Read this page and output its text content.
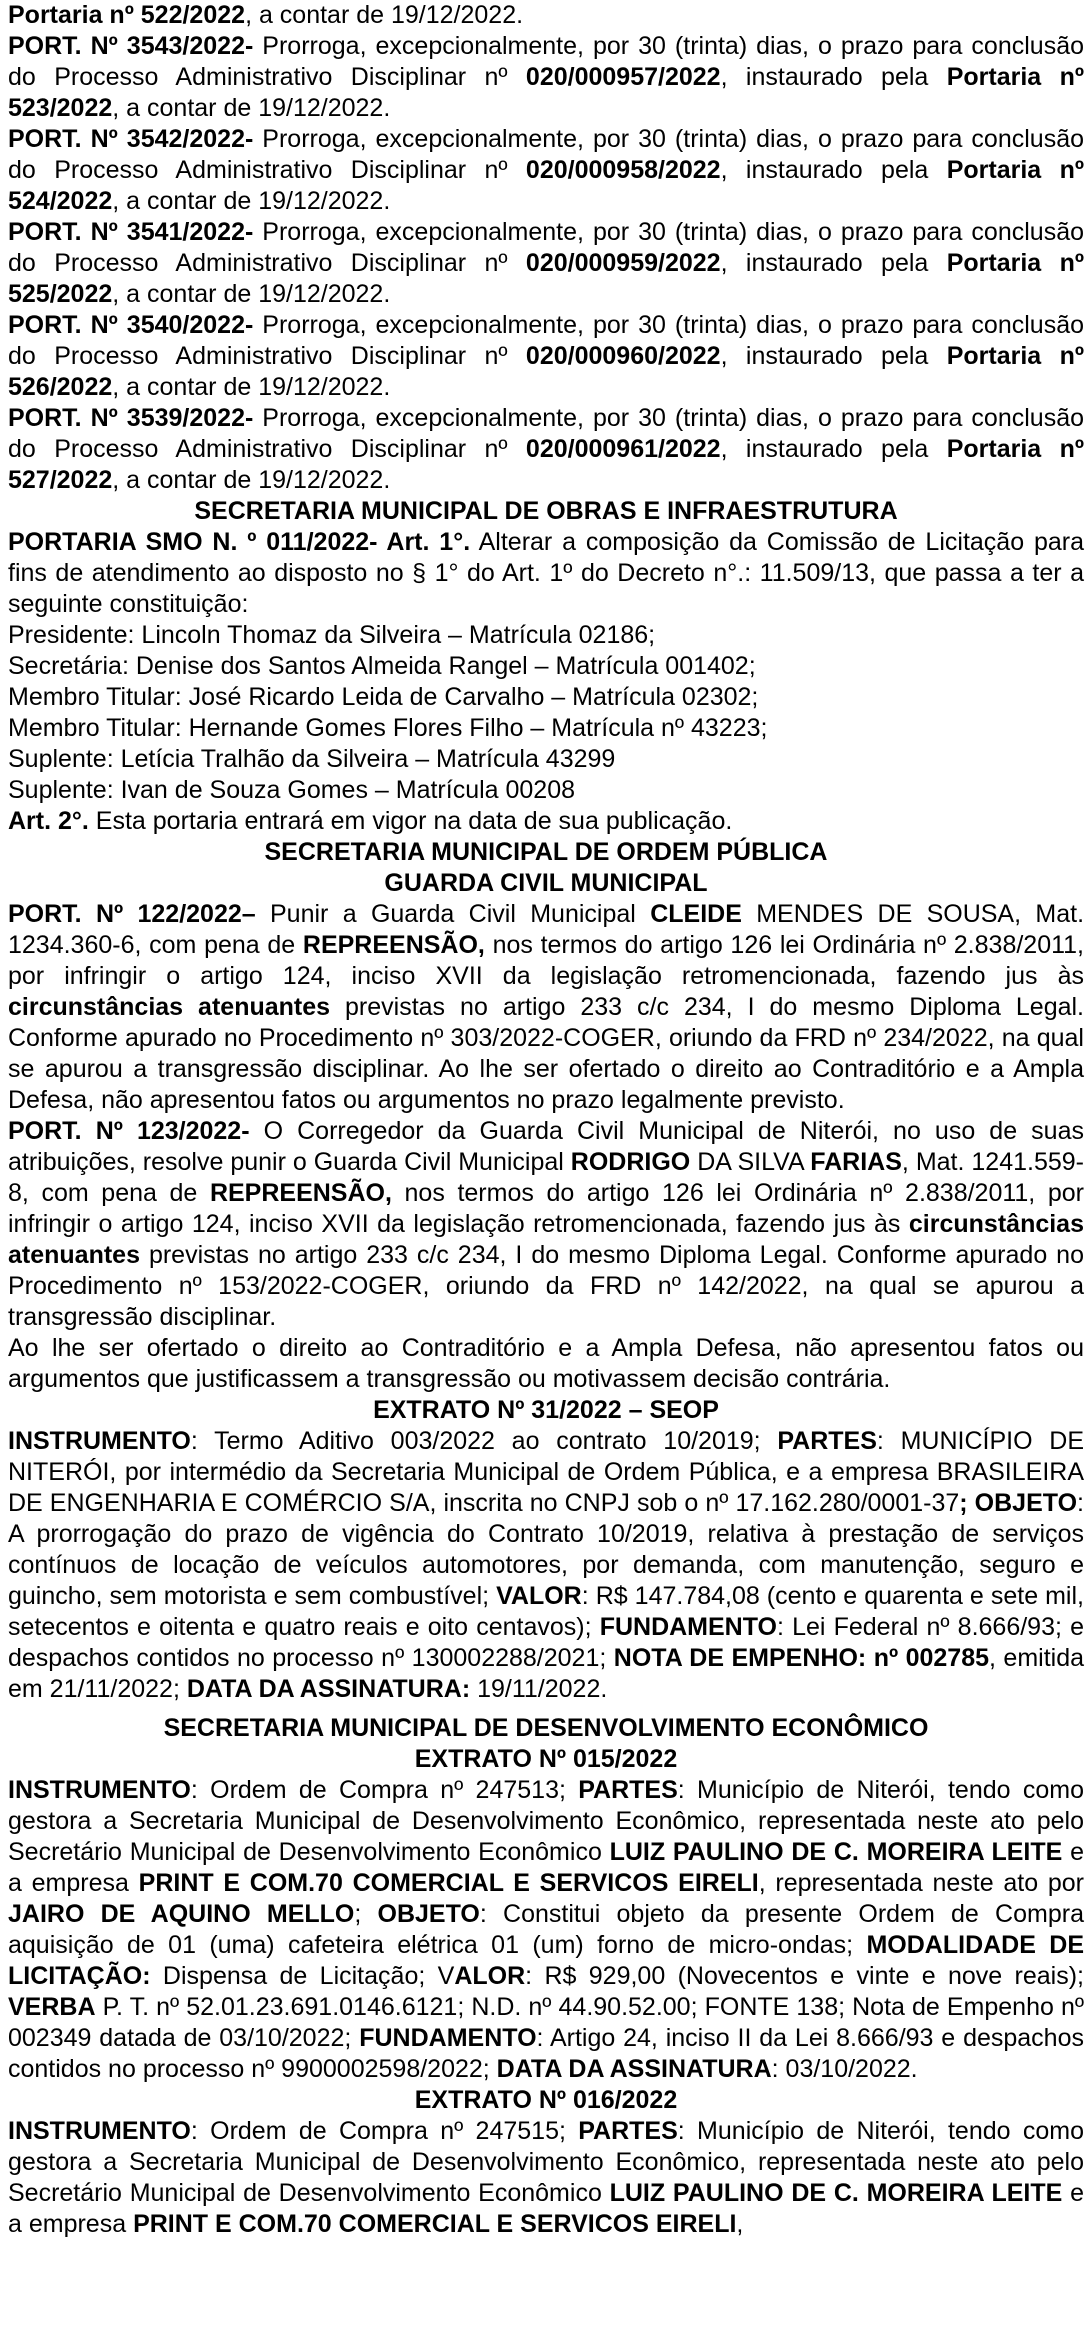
Portaria nº 522/2022, a contar de 19/12/2022.
PORT. Nº 3543/2022- Prorroga, excepcionalmente, por 30 (trinta) dias, o prazo para conclusão do Processo Administrativo Disciplinar nº 020/000957/2022, instaurado pela Portaria nº 523/2022, a contar de 19/12/2022.
PORT. Nº 3542/2022- Prorroga, excepcionalmente, por 30 (trinta) dias, o prazo para conclusão do Processo Administrativo Disciplinar nº 020/000958/2022, instaurado pela Portaria nº 524/2022, a contar de 19/12/2022.
PORT. Nº 3541/2022- Prorroga, excepcionalmente, por 30 (trinta) dias, o prazo para conclusão do Processo Administrativo Disciplinar nº 020/000959/2022, instaurado pela Portaria nº 525/2022, a contar de 19/12/2022.
PORT. Nº 3540/2022- Prorroga, excepcionalmente, por 30 (trinta) dias, o prazo para conclusão do Processo Administrativo Disciplinar nº 020/000960/2022, instaurado pela Portaria nº 526/2022, a contar de 19/12/2022.
PORT. Nº 3539/2022- Prorroga, excepcionalmente, por 30 (trinta) dias, o prazo para conclusão do Processo Administrativo Disciplinar nº 020/000961/2022, instaurado pela Portaria nº 527/2022, a contar de 19/12/2022.
SECRETARIA MUNICIPAL DE OBRAS E INFRAESTRUTURA
PORTARIA SMO N. º 011/2022- Art. 1°. Alterar a composição da Comissão de Licitação para fins de atendimento ao disposto no § 1° do Art. 1º do Decreto n°.: 11.509/13, que passa a ter a seguinte constituição:
Presidente: Lincoln Thomaz da Silveira – Matrícula 02186;
Secretária: Denise dos Santos Almeida Rangel – Matrícula 001402;
Membro Titular: José Ricardo Leida de Carvalho – Matrícula 02302;
Membro Titular: Hernande Gomes Flores Filho – Matrícula nº 43223;
Suplente: Letícia Tralhão da Silveira – Matrícula 43299
Suplente: Ivan de Souza Gomes – Matrícula 00208
Art. 2°. Esta portaria entrará em vigor na data de sua publicação.
SECRETARIA MUNICIPAL DE ORDEM PÚBLICA
GUARDA CIVIL MUNICIPAL
PORT. Nº 122/2022– Punir a Guarda Civil Municipal CLEIDE MENDES DE SOUSA, Mat. 1234.360-6, com pena de REPREENSÃO, nos termos do artigo 126 lei Ordinária nº 2.838/2011, por infringir o artigo 124, inciso XVII da legislação retromencionada, fazendo jus às circunstâncias atenuantes previstas no artigo 233 c/c 234, I do mesmo Diploma Legal. Conforme apurado no Procedimento nº 303/2022-COGER, oriundo da FRD nº 234/2022, na qual se apurou a transgressão disciplinar. Ao lhe ser ofertado o direito ao Contraditório e a Ampla Defesa, não apresentou fatos ou argumentos no prazo legalmente previsto.
PORT. Nº 123/2022- O Corregedor da Guarda Civil Municipal de Niterói, no uso de suas atribuições, resolve punir o Guarda Civil Municipal RODRIGO DA SILVA FARIAS, Mat. 1241.559-8, com pena de REPREENSÃO, nos termos do artigo 126 lei Ordinária nº 2.838/2011, por infringir o artigo 124, inciso XVII da legislação retromencionada, fazendo jus às circunstâncias atenuantes previstas no artigo 233 c/c 234, I do mesmo Diploma Legal. Conforme apurado no Procedimento nº 153/2022-COGER, oriundo da FRD nº 142/2022, na qual se apurou a transgressão disciplinar.
Ao lhe ser ofertado o direito ao Contraditório e a Ampla Defesa, não apresentou fatos ou argumentos que justificassem a transgressão ou motivassem decisão contrária.
EXTRATO Nº 31/2022 – SEOP
INSTRUMENTO: Termo Aditivo 003/2022 ao contrato 10/2019; PARTES: MUNICÍPIO DE NITERÓI, por intermédio da Secretaria Municipal de Ordem Pública, e a empresa BRASILEIRA DE ENGENHARIA E COMÉRCIO S/A, inscrita no CNPJ sob o nº 17.162.280/0001-37; OBJETO: A prorrogação do prazo de vigência do Contrato 10/2019, relativa à prestação de serviços contínuos de locação de veículos automotores, por demanda, com manutenção, seguro e guincho, sem motorista e sem combustível; VALOR: R$ 147.784,08 (cento e quarenta e sete mil, setecentos e oitenta e quatro reais e oito centavos); FUNDAMENTO: Lei Federal nº 8.666/93; e despachos contidos no processo nº 130002288/2021; NOTA DE EMPENHO: nº 002785, emitida em 21/11/2022; DATA DA ASSINATURA: 19/11/2022.
SECRETARIA MUNICIPAL DE DESENVOLVIMENTO ECONÔMICO
EXTRATO Nº 015/2022
INSTRUMENTO: Ordem de Compra nº 247513; PARTES: Município de Niterói, tendo como gestora a Secretaria Municipal de Desenvolvimento Econômico, representada neste ato pelo Secretário Municipal de Desenvolvimento Econômico LUIZ PAULINO DE C. MOREIRA LEITE e a empresa PRINT E COM.70 COMERCIAL E SERVICOS EIRELI, representada neste ato por JAIRO DE AQUINO MELLO; OBJETO: Constitui objeto da presente Ordem de Compra aquisição de 01 (uma) cafeteira elétrica 01 (um) forno de micro-ondas; MODALIDADE DE LICITAÇÃO: Dispensa de Licitação; VALOR: R$ 929,00 (Novecentos e vinte e nove reais); VERBA P. T. nº 52.01.23.691.0146.6121; N.D. nº 44.90.52.00; FONTE 138; Nota de Empenho nº 002349 datada de 03/10/2022; FUNDAMENTO: Artigo 24, inciso II da Lei 8.666/93 e despachos contidos no processo nº 9900002598/2022; DATA DA ASSINATURA: 03/10/2022.
EXTRATO Nº 016/2022
INSTRUMENTO: Ordem de Compra nº 247515; PARTES: Município de Niterói, tendo como gestora a Secretaria Municipal de Desenvolvimento Econômico, representada neste ato pelo Secretário Municipal de Desenvolvimento Econômico LUIZ PAULINO DE C. MOREIRA LEITE e a empresa PRINT E COM.70 COMERCIAL E SERVICOS EIRELI,
